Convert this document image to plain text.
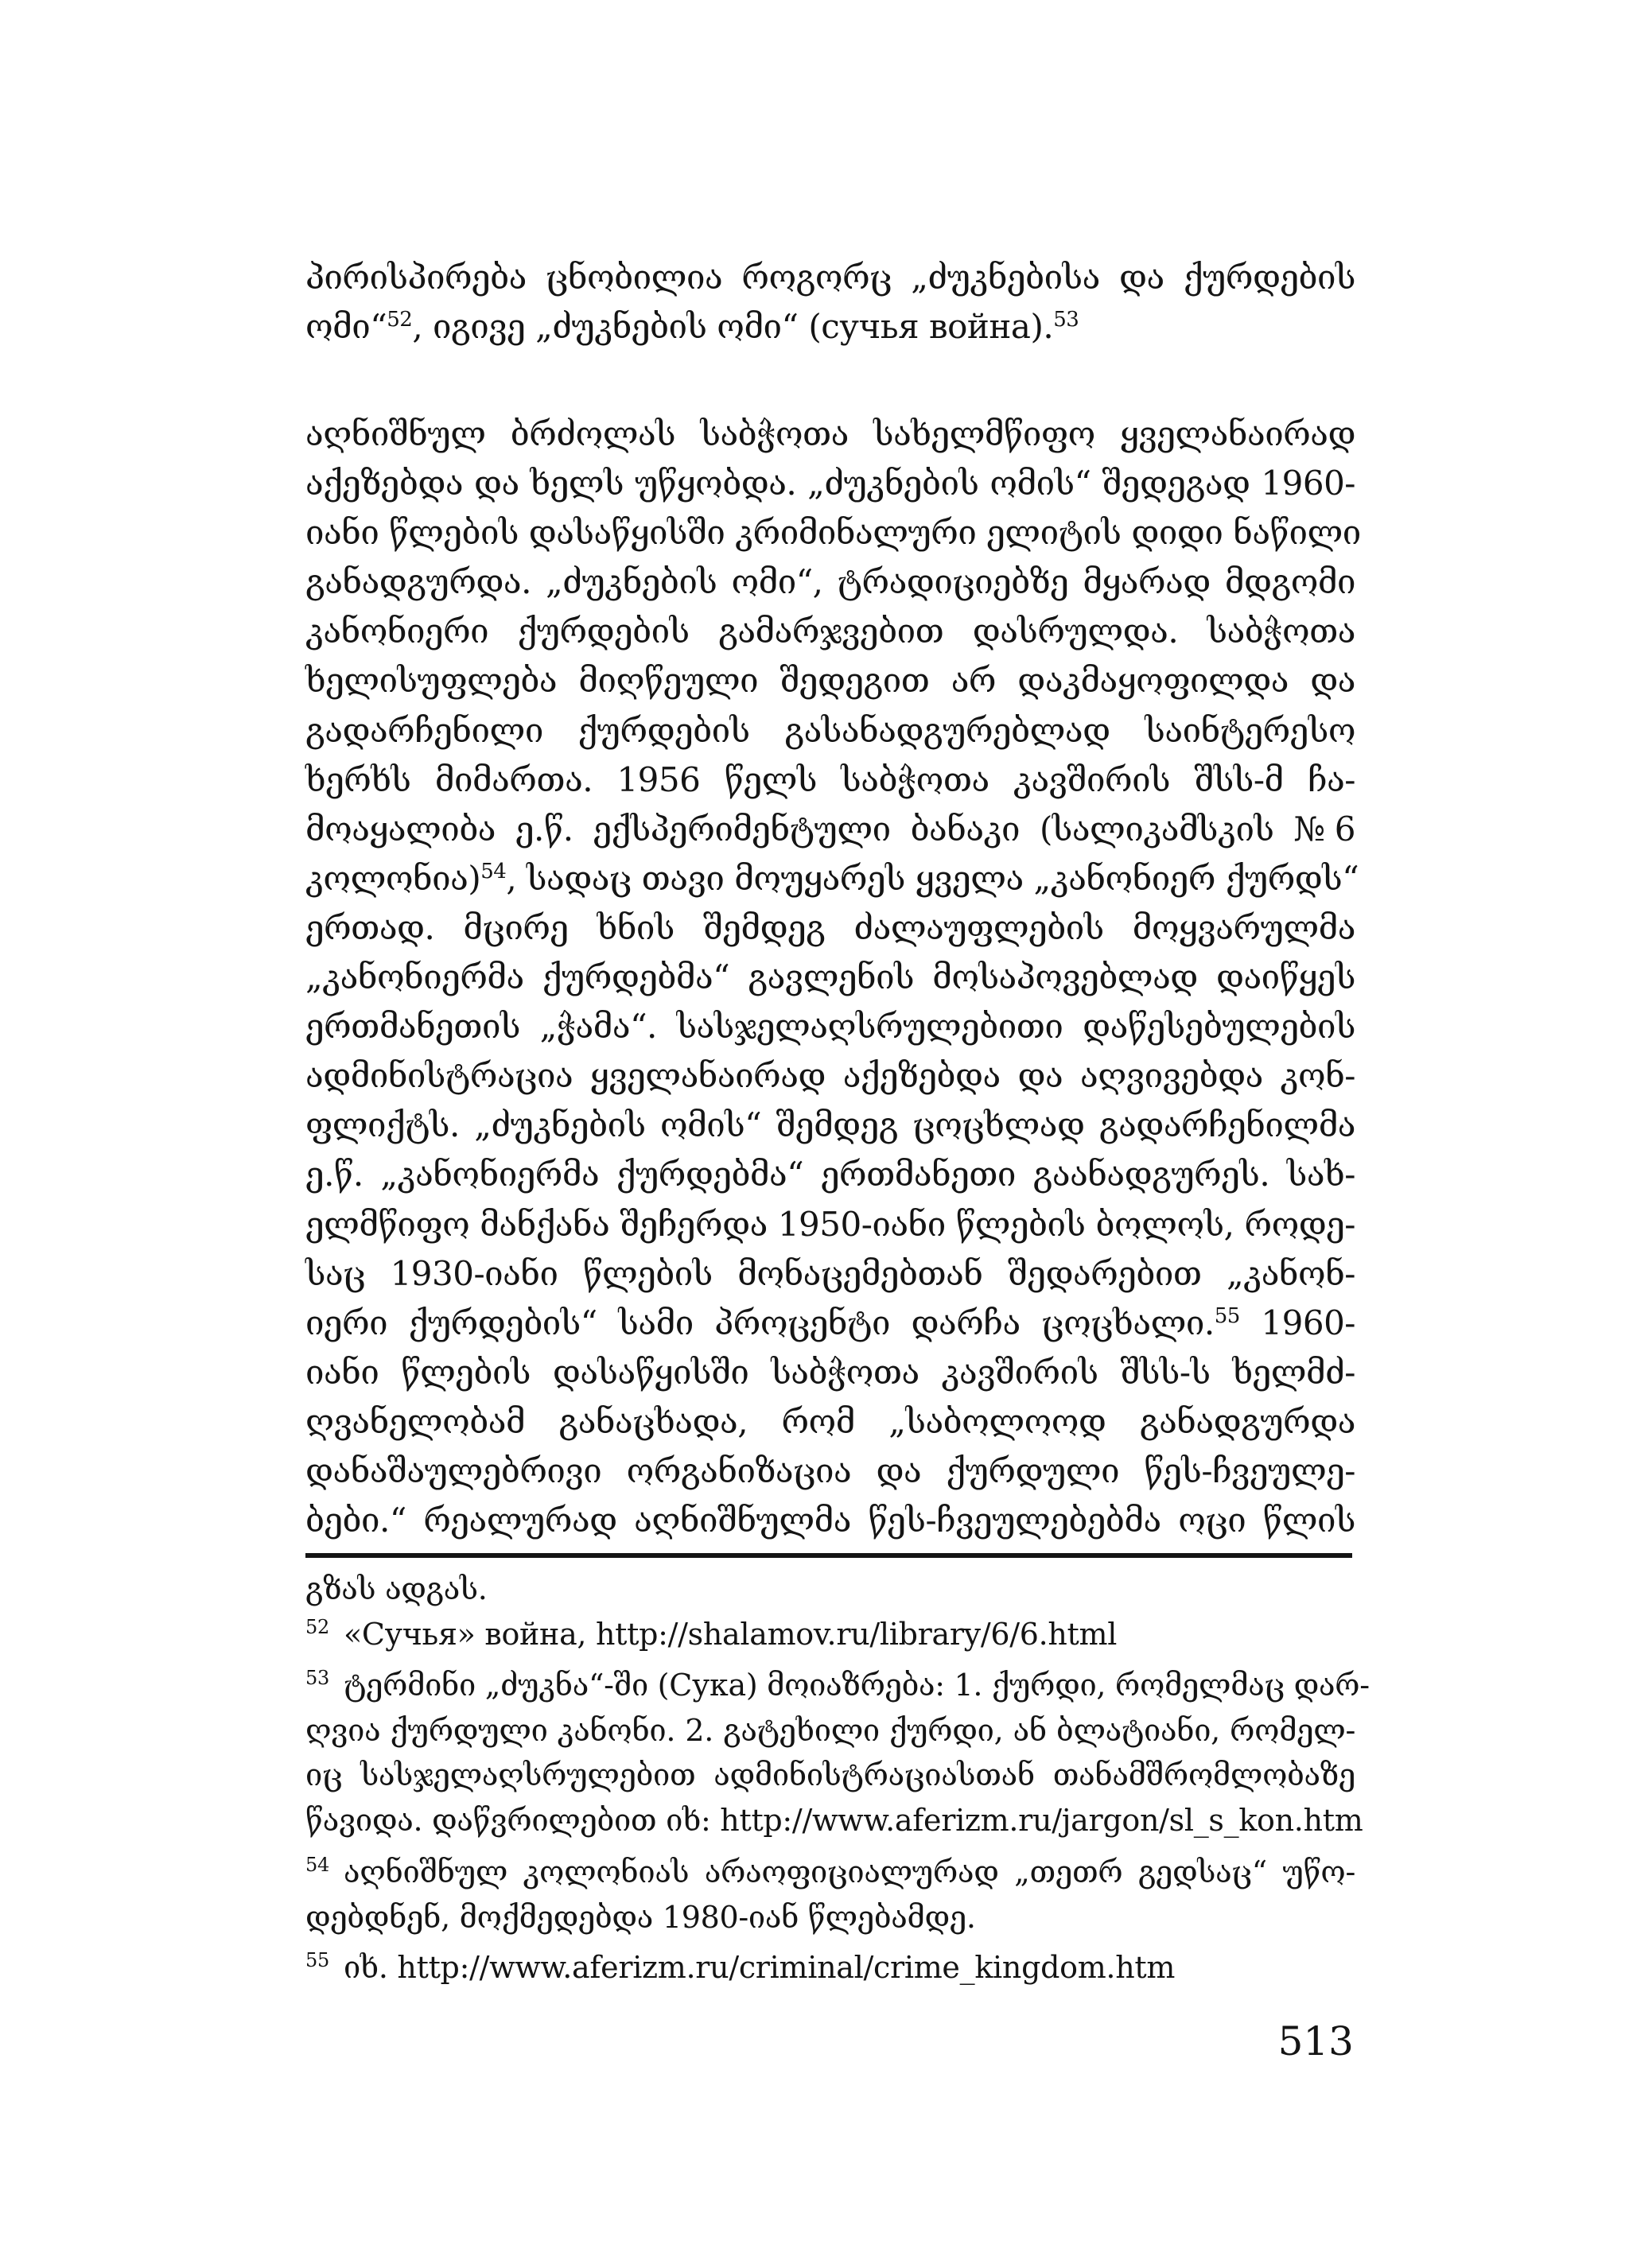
პირისპირება ცნობილია როგორც „ძუკნებისა და ქურდების

ომი“$^{52}$, იგივე „ძუკნების ომი“ (сучья война).$^{53}$

აღნიშნულ ბრძოლას საბჭოთა სახელმწიფო ყველანაირად

აქეზებდა და ხელს უწყობდა. „ძუკნების ომის“ შედეგად 1960-

იანი წლების დასაწყისში კრიმინალური ელიტის დიდი ნაწილი

განადგურდა. „ძუკნების ომი“, ტრადიციებზე მყარად მდგომი

კანონიერი ქურდების გამარჯვებით დასრულდა. საბჭოთა

ხელისუფლება მიღწეული შედეგით არ დაკმაყოფილდა და

გადარჩენილი ქურდების გასანადგურებლად საინტერესო

ხერხს მიმართა. 1956 წელს საბჭოთა კავშირის შსს-მ ჩა-

მოაყალიბა ე.წ. ექსპერიმენტული ბანაკი (სალიკამსკის №6

კოლონია)$^{54}$, სადაც თავი მოუყარეს ყველა „კანონიერ ქურდს“

ერთად. მცირე ხნის შემდეგ ძალაუფლების მოყვარულმა

„კანონიერმა ქურდებმა“ გავლენის მოსაპოვებლად დაიწყეს

ერთმანეთის „ჭამა“. სასჯელაღსრულებითი დაწესებულების

ადმინისტრაცია ყველანაირად აქეზებდა და აღვივებდა კონ-

ფლიქტს. „ძუკნების ომის“ შემდეგ ცოცხლად გადარჩენილმა

ე.წ. „კანონიერმა ქურდებმა“ ერთმანეთი გაანადგურეს. სახ-

ელმწიფო მანქანა შეჩერდა 1950-იანი წლების ბოლოს, როდე-

საც 1930-იანი წლების მონაცემებთან შედარებით „კანონ-

იერი ქურდების“ სამი პროცენტი დარჩა ცოცხალი.$^{55}$ 1960-

იანი წლების დასაწყისში საბჭოთა კავშირის შსს-ს ხელმძ-

ღვანელობამ განაცხადა, რომ „საბოლოოდ განადგურდა

დანაშაულებრივი ორგანიზაცია და ქურდული წეს-ჩვეულე-

ბები.“ რეალურად აღნიშნულმა წეს-ჩვეულებებმა ოცი წლის

გზას ადგას.

$^{52}$ «Сучья» война, http://shalamov.ru/library/6/6.html

$^{53}$ ტერმინი „ძუკნა“-ში (Сука) მოიაზრება: 1. ქურდი, რომელმაც დარ-

ღვია ქურდული კანონი. 2. გატეხილი ქურდი, ან ბლატიანი, რომელ-

იც სასჯელაღსრულებით ადმინისტრაციასთან თანამშრომლობაზე

წავიდა. დაწვრილებით იხ: http://www.aferizm.ru/jargon/sl_s_kon.htm

$^{54}$ აღნიშნულ კოლონიას არაოფიციალურად „თეთრ გედსაც“ უწო-

დებდნენ, მოქმედებდა 1980-იან წლებამდე.

$^{55}$ იხ. http://www.aferizm.ru/criminal/crime_kingdom.htm

513
